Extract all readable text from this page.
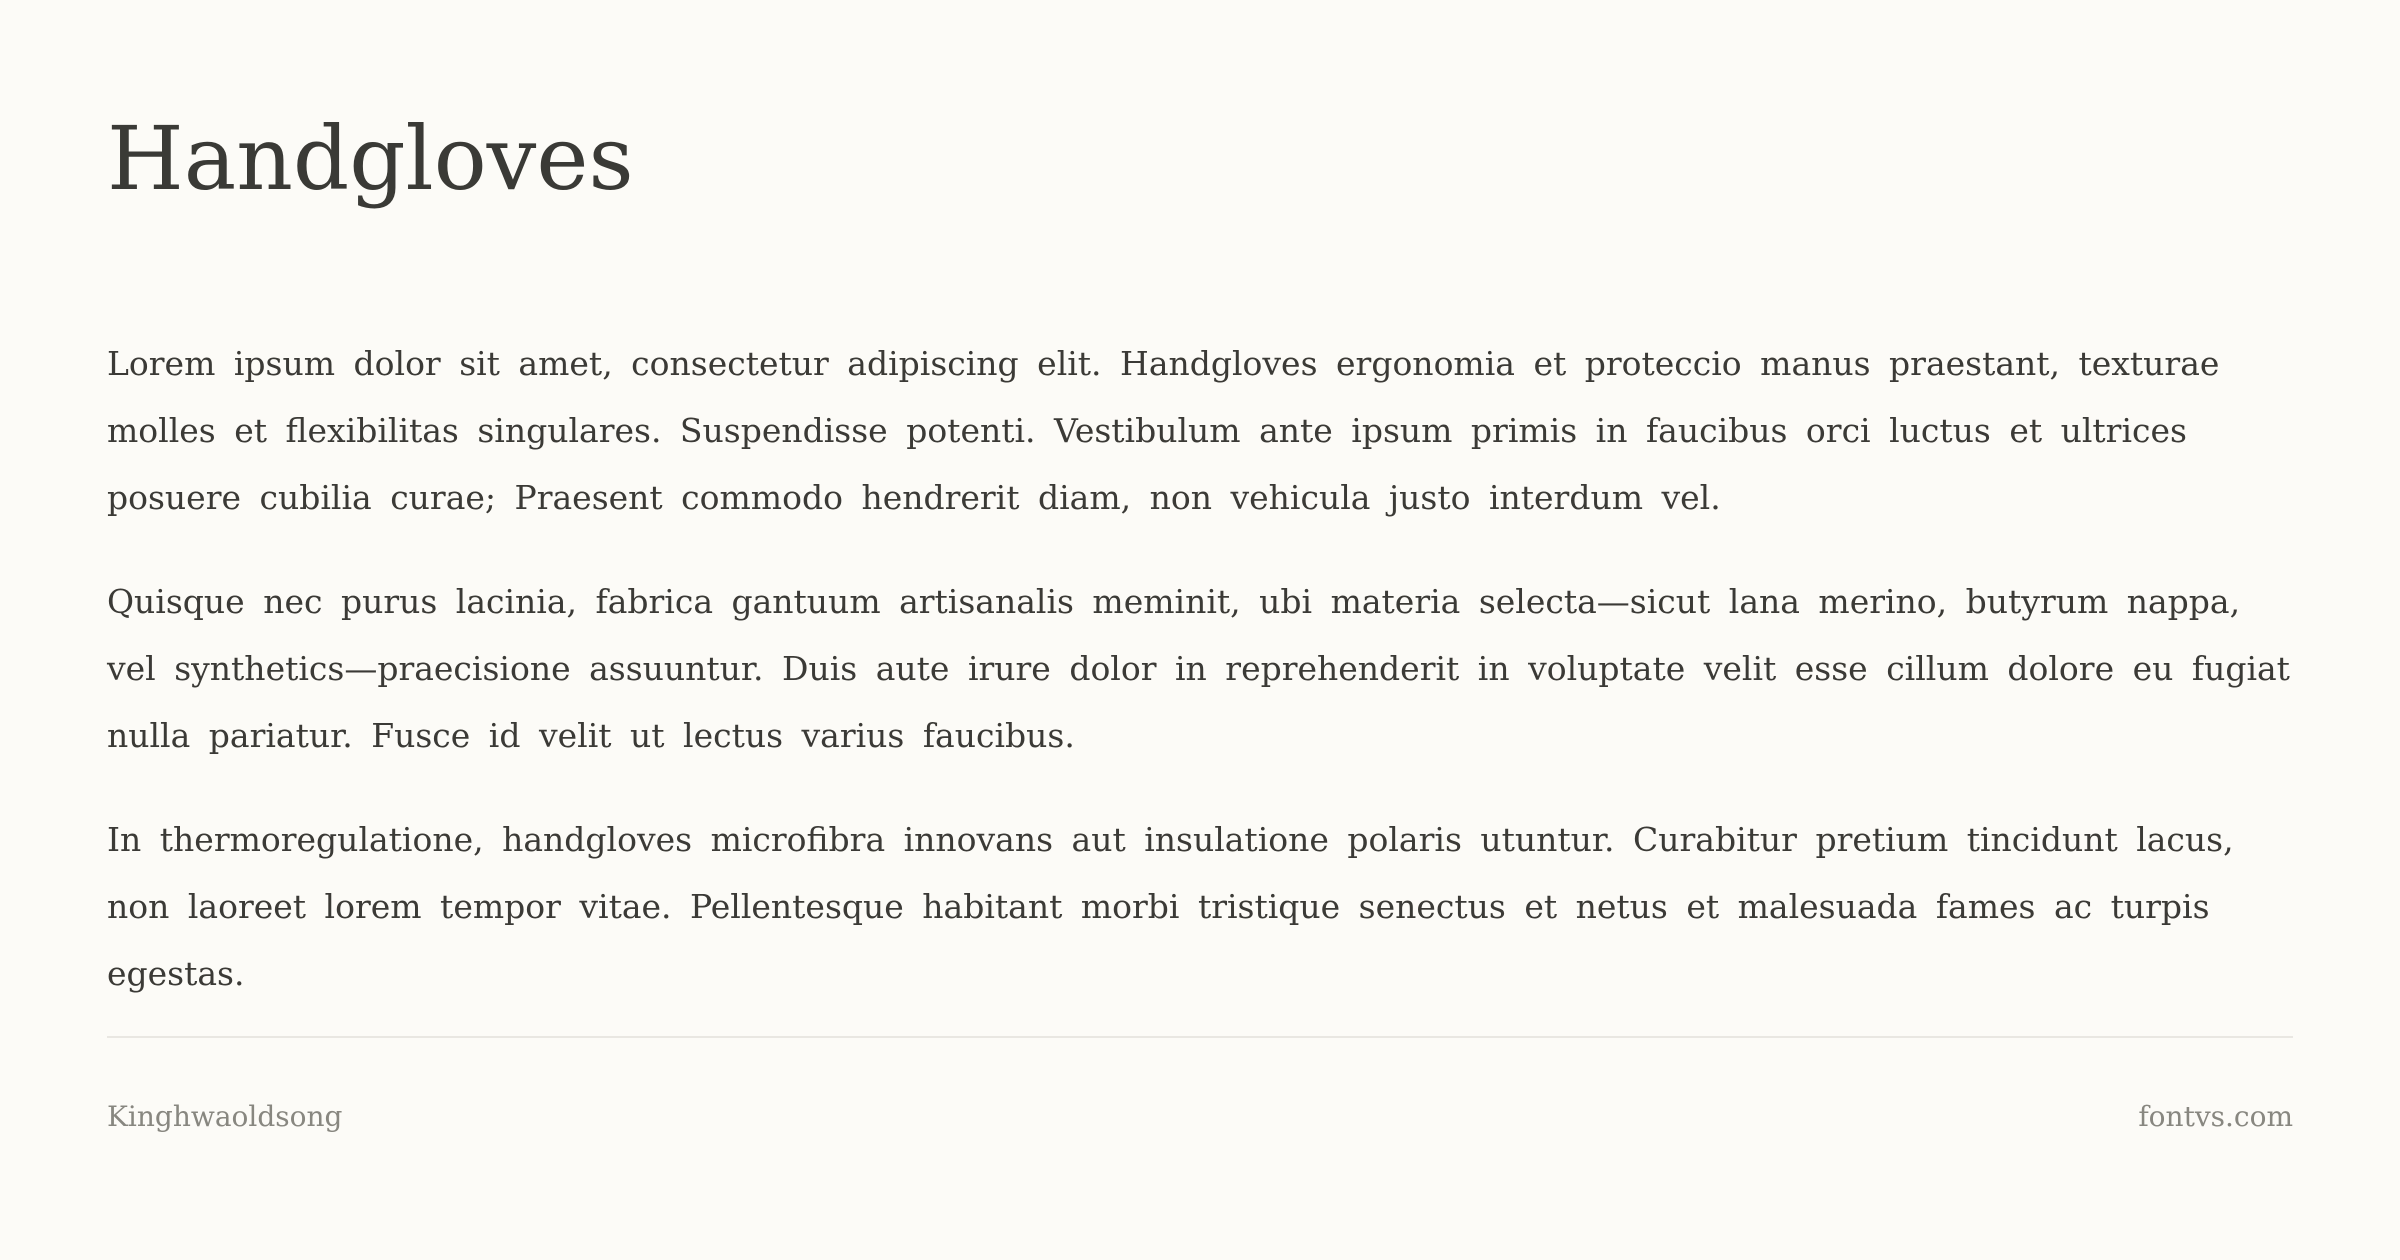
Handgloves

Lorem ipsum dolor sit amet, consectetur adipiscing elit. Handgloves ergonomia et proteccio manus praestant, texturae molles et flexibilitas singulares. Suspendisse potenti. Vestibulum ante ipsum primis in faucibus orci luctus et ultrices posuere cubilia curae; Praesent commodo hendrerit diam, non vehicula justo interdum vel.

Quisque nec purus lacinia, fabrica gantuum artisanalis meminit, ubi materia selecta—sicut lana merino, butyrum nappa, vel synthetics—praecisione assuuntur. Duis aute irure dolor in reprehenderit in voluptate velit esse cillum dolore eu fugiat nulla pariatur. Fusce id velit ut lectus varius faucibus.

In thermoregulatione, handgloves microfibra innovans aut insulatione polaris utuntur. Curabitur pretium tincidunt lacus, non laoreet lorem tempor vitae. Pellentesque habitant morbi tristique senectus et netus et malesuada fames ac turpis egestas.

Kinghwaoldsong	fontvs.com
